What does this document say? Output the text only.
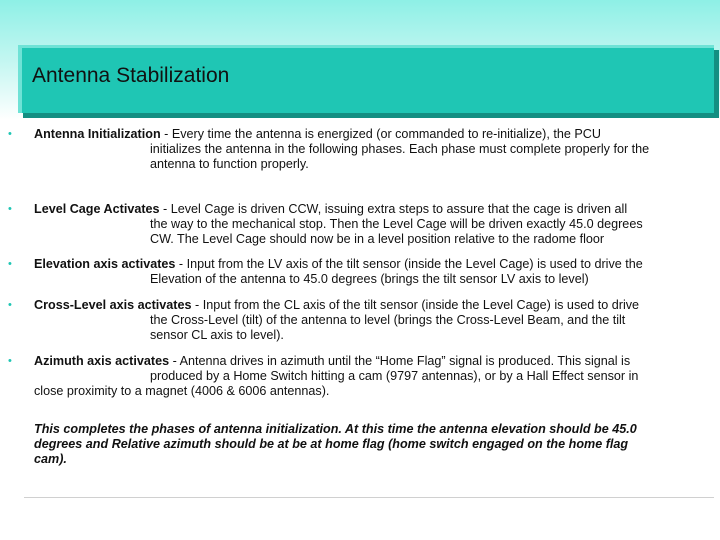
Antenna Stabilization
• Antenna Initialization - Every time the antenna is energized (or commanded to re-initialize), the PCU
initializes the antenna in the following phases. Each phase must complete properly for the
antenna to function properly.
• Level Cage Activates - Level Cage is driven CCW, issuing extra steps to assure that the cage is driven all
the way to the mechanical stop. Then the Level Cage will be driven exactly 45.0 degrees
CW. The Level Cage should now be in a level position relative to the radome floor
• Elevation axis activates - Input from the LV axis of the tilt sensor (inside the Level Cage) is used to drive the
Elevation of the antenna to 45.0 degrees (brings the tilt sensor LV axis to level)
• Cross-Level axis activates - Input from the CL axis of the tilt sensor (inside the Level Cage) is used to drive
the Cross-Level (tilt) of the antenna to level (brings the Cross-Level Beam, and the tilt
sensor CL axis to level).
• Azimuth axis activates - Antenna drives in azimuth until the “Home Flag” signal is produced. This signal is
produced by a Home Switch hitting a cam (9797 antennas), or by a Hall Effect sensor in
close proximity to a magnet (4006 & 6006 antennas).
This completes the phases of antenna initialization. At this time the antenna elevation should be 45.0
degrees and Relative azimuth should be at be at home flag (home switch engaged on the home flag
cam).
